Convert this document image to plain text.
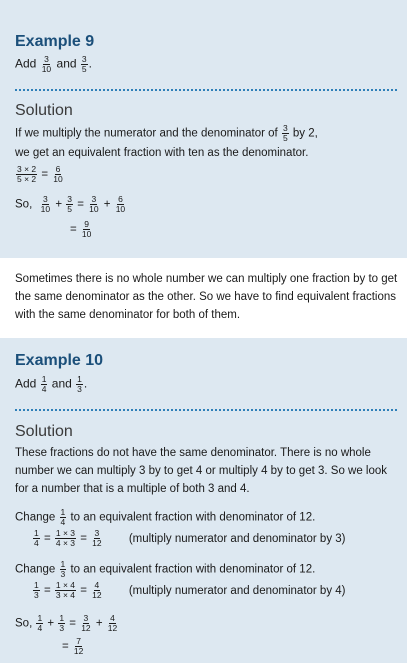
Example 9
Add $\frac{3}{10}$ and $\frac{3}{5}$ .
Solution
If we multiply the numerator and the denominator of $\frac{3}{5}$ by 2,
we get an equivalent fraction with ten as the denominator.
$\frac{3 \times 2}{5 \times 2} = \frac{6}{10}$
So, $\frac{3}{10} + \frac{3}{5} = \frac{3}{10} + \frac{6}{10}$
= $\frac{9}{10}$
Sometimes there is no whole number we can multiply one fraction by to get the same denominator as the other. So we have to find equivalent fractions with the same denominator for both of them.
Example 10
Add $\frac{1}{4}$ and $\frac{1}{3}$ .
Solution
These fractions do not have the same denominator. There is no whole number we can multiply 3 by to get 4 or multiply 4 by to get 3. So we look for a number that is a multiple of both 3 and 4.
Change $\frac{1}{4}$ to an equivalent fraction with denominator of 12.
$\frac{1}{4} = \frac{1 \times 3}{4 \times 3} = \frac{3}{12}$ (multiply numerator and denominator by 3)
Change $\frac{1}{3}$ to an equivalent fraction with denominator of 12.
$\frac{1}{3} = \frac{1 \times 4}{3 \times 4} = \frac{4}{12}$ (multiply numerator and denominator by 4)
So, $\frac{1}{4} + \frac{1}{3} = \frac{3}{12} + \frac{4}{12}$
= $\frac{7}{12}$
